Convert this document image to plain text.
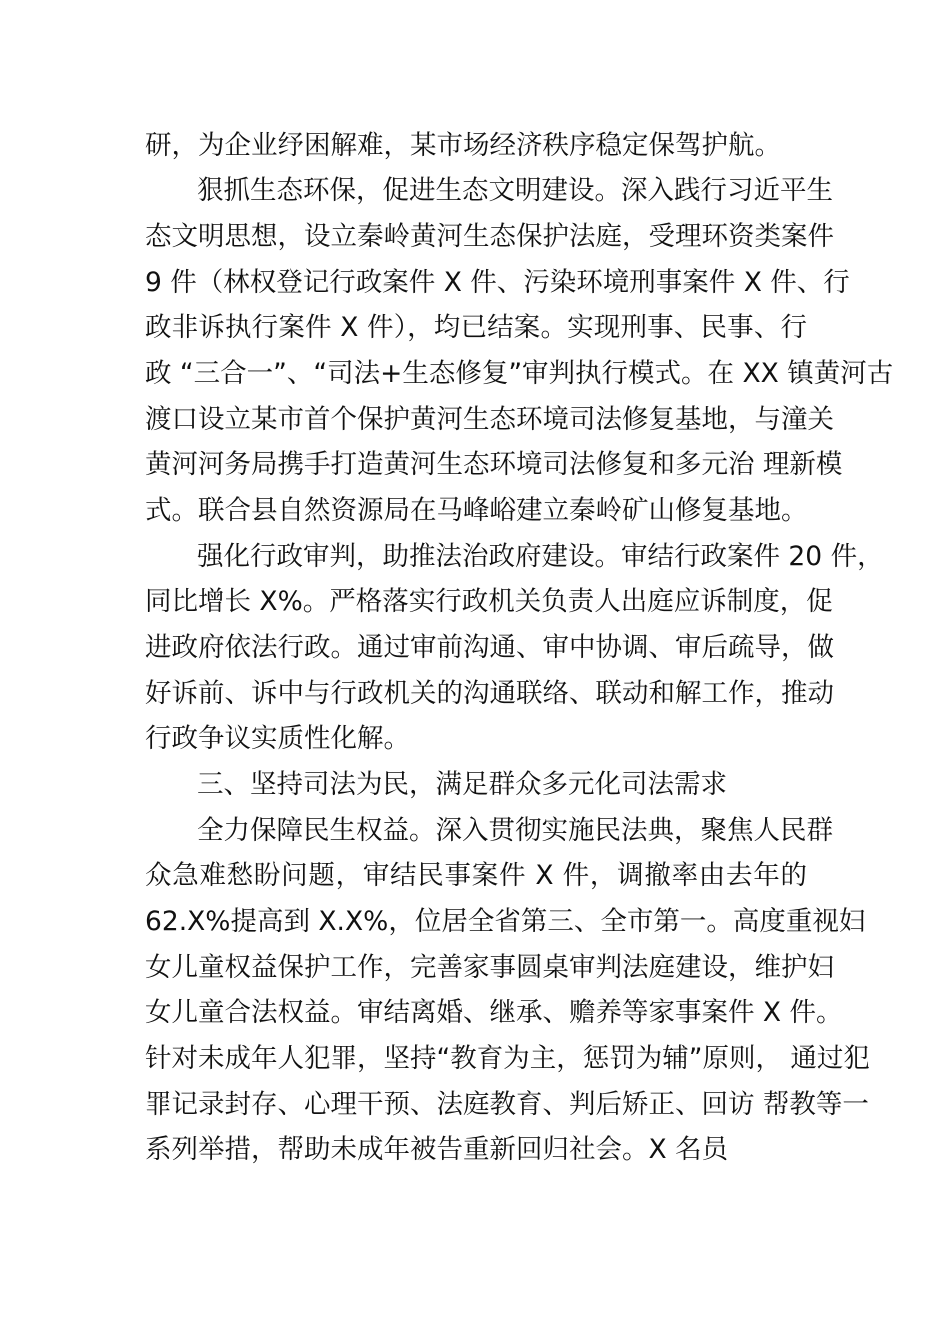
研，为企业纾困解难，某市场经济秩序稳定保驾护航。
狠抓生态环保，促进生态文明建设。深入践行习近平生
态文明思想，设立秦岭黄河生态保护法庭，受理环资类案件
9 件（林权登记行政案件 X 件、污染环境刑事案件 X 件、行
政非诉执行案件 X 件），均已结案。实现刑事、民事、行
政 “三合一”、“司法+生态修复”审判执行模式。在 XX 镇黄河古
渡口设立某市首个保护黄河生态环境司法修复基地，与潼关
黄河河务局携手打造黄河生态环境司法修复和多元治 理新模
式。联合县自然资源局在马峰峪建立秦岭矿山修复基地。
强化行政审判，助推法治政府建设。审结行政案件 20 件，
同比增长 X%。严格落实行政机关负责人出庭应诉制度，促
进政府依法行政。通过审前沟通、审中协调、审后疏导，做
好诉前、诉中与行政机关的沟通联络、联动和解工作，推动
行政争议实质性化解。
三、坚持司法为民，满足群众多元化司法需求
全力保障民生权益。深入贯彻实施民法典，聚焦人民群
众急难愁盼问题，审结民事案件 X 件，调撤率由去年的
62.X%提高到 X.X%，位居全省第三、全市第一。高度重视妇
女儿童权益保护工作，完善家事圆桌审判法庭建设，维护妇
女儿童合法权益。审结离婚、继承、赡养等家事案件 X 件。
针对未成年人犯罪，坚持“教育为主，惩罚为辅”原则， 通过犯
罪记录封存、心理干预、法庭教育、判后矫正、回访 帮教等一
系列举措，帮助未成年被告重新回归社会。X 名员
